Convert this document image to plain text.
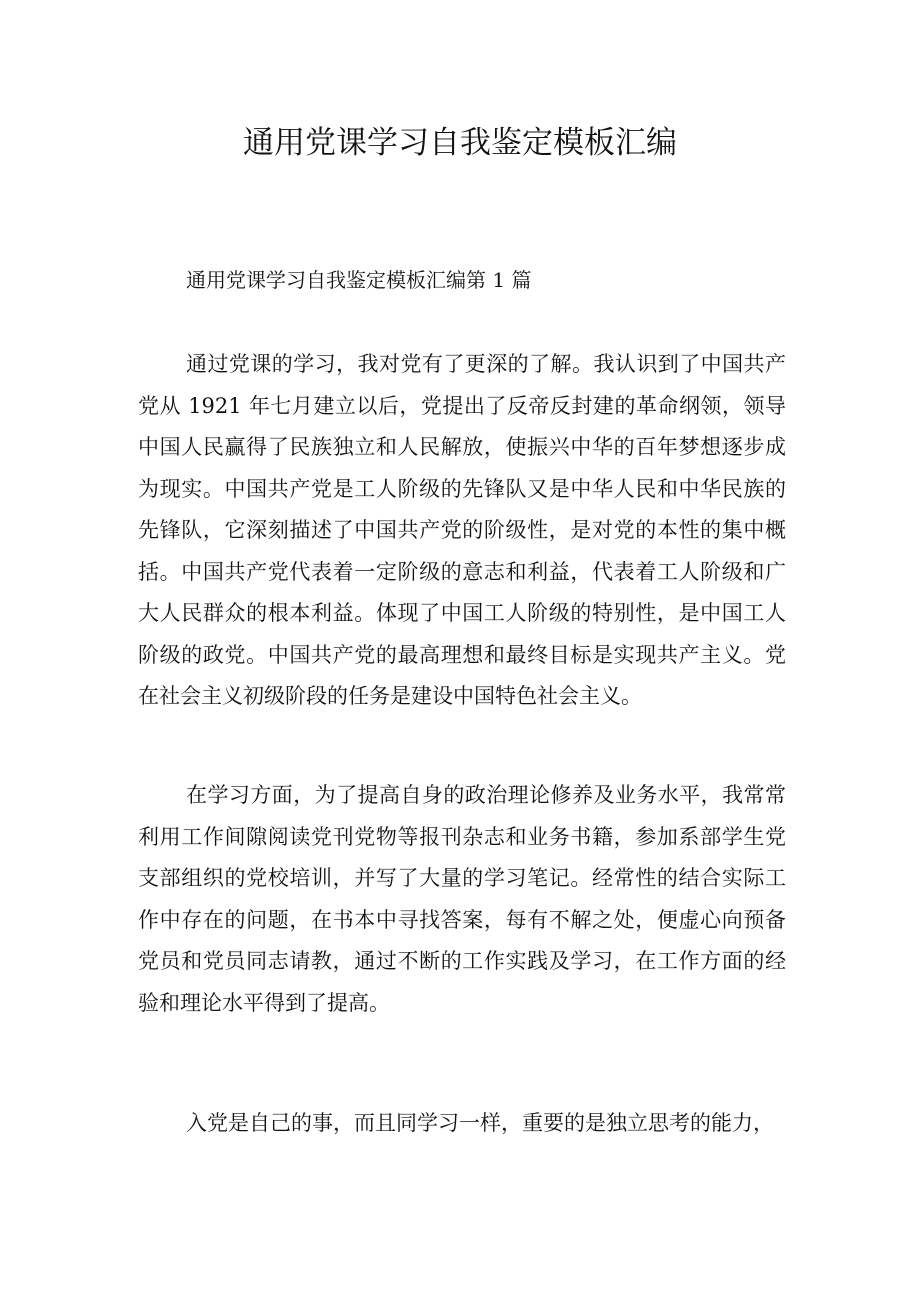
通用党课学习自我鉴定模板汇编
通用党课学习自我鉴定模板汇编第 1 篇

通过党课的学习，我对党有了更深的了解。我认识到了中国共产党从 1921 年七月建立以后，党提出了反帝反封建的革命纲领，领导中国人民赢得了民族独立和人民解放，使振兴中华的百年梦想逐步成为现实。中国共产党是工人阶级的先锋队又是中华人民和中华民族的先锋队，它深刻描述了中国共产党的阶级性，是对党的本性的集中概括。中国共产党代表着一定阶级的意志和利益，代表着工人阶级和广大人民群众的根本利益。体现了中国工人阶级的特别性，是中国工人阶级的政党。中国共产党的最高理想和最终目标是实现共产主义。党在社会主义初级阶段的任务是建设中国特色社会主义。

在学习方面，为了提高自身的政治理论修养及业务水平，我常常利用工作间隙阅读党刊党物等报刊杂志和业务书籍，参加系部学生党支部组织的党校培训，并写了大量的学习笔记。经常性的结合实际工作中存在的问题，在书本中寻找答案，每有不解之处，便虚心向预备党员和党员同志请教，通过不断的工作实践及学习，在工作方面的经验和理论水平得到了提高。

入党是自己的事，而且同学习一样，重要的是独立思考的能力，
